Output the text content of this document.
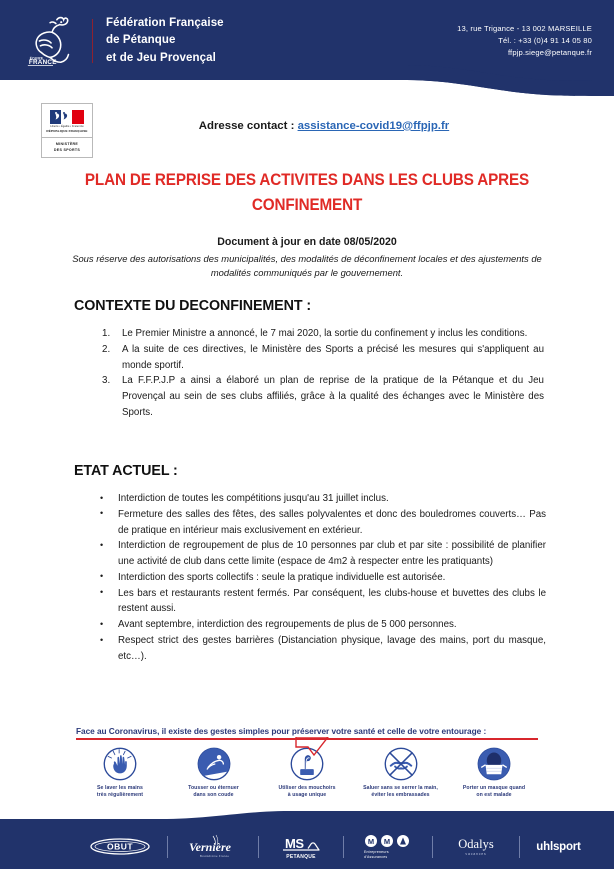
ÉQUIPE
FRANCE
Fédération Française
de Pétanque
et de Jeu Provençal
13, rue Trigance - 13 002 MARSEILLE
Tél. : +33 (0)4 91 14 05 80
ffpjp.siege@petanque.fr
Liberté • Égalité • Fraternité
RÉPUBLIQUE FRANÇAISE
MINISTÈRE
DES SPORTS
Adresse contact : assistance-covid19@ffpjp.fr
PLAN DE REPRISE DES ACTIVITES DANS LES CLUBS APRES CONFINEMENT
Document à jour en date 08/05/2020
Sous réserve des autorisations des municipalités, des modalités de déconfinement locales et des ajustements de modalités communiqués par le gouvernement.
CONTEXTE DU DECONFINEMENT :
Le Premier Ministre a annoncé, le 7 mai 2020, la sortie du confinement y inclus les conditions.
A la suite de ces directives, le Ministère des Sports a précisé les mesures qui s'appliquent au monde sportif.
La F.F.P.J.P a ainsi a élaboré un plan de reprise de la pratique de la Pétanque et du Jeu Provençal au sein de ses clubs affiliés, grâce à la qualité des échanges avec le Ministère des Sports.
ETAT ACTUEL :
• Interdiction de toutes les compétitions jusqu'au 31 juillet inclus.
• Fermeture des salles des fêtes, des salles polyvalentes et donc des bouledromes couverts… Pas de pratique en intérieur mais exclusivement en extérieur.
• Interdiction de regroupement de plus de 10 personnes par club et par site : possibilité de planifier une activité de club dans cette limite (espace de 4m2 à respecter entre les pratiquants)
• Interdiction des sports collectifs : seule la pratique individuelle est autorisée.
• Les bars et restaurants restent fermés. Par conséquent, les clubs-house et buvettes des clubs le restent aussi.
• Avant septembre, interdiction des regroupements de plus de 5 000 personnes.
• Respect strict des gestes barrières (Distanciation physique, lavage des mains, port du masque, etc…).
Face au Coronavirus, il existe des gestes simples pour préserver votre santé et celle de votre entourage :
Se laver les mains
très régulièrement
Tousser ou éternuer
dans son coude
Utiliser des mouchoirs
à usage unique
Saluer sans se serrer la main,
éviter les embrassades
Porter un masque quand
on est malade
OBUT Vernière
Boulodrome France
MS
PETANQUE
M M
Entrepreneurs
d'Assurances
Odalys
vacances
uhlsport
